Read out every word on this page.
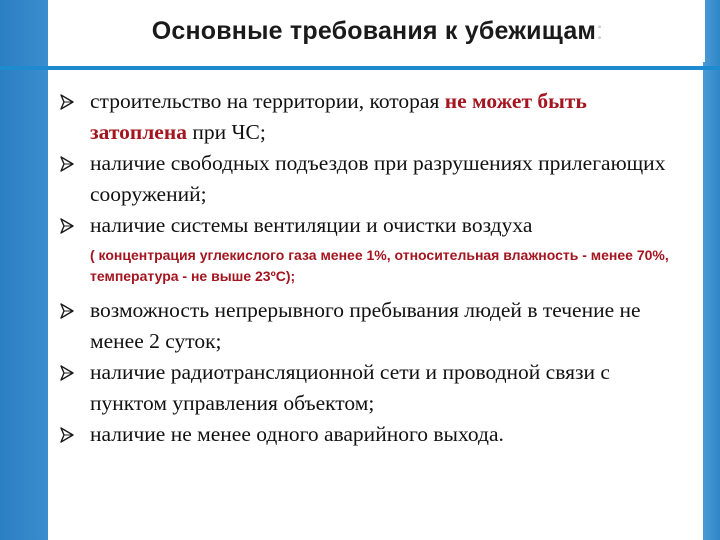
Основные требования к убежищам:
строительство на территории, которая не может быть затоплена при ЧС;
наличие свободных подъездов при разрушениях прилегающих сооружений;
наличие системы вентиляции и очистки воздуха
( концентрация углекислого газа менее 1%, относительная влажность - менее 70%, температура - не выше 23ºС);
возможность непрерывного пребывания людей в течение не менее 2 суток;
наличие радиотрансляционной сети и проводной связи с пунктом управления объектом;
наличие не менее одного аварийного выхода.
